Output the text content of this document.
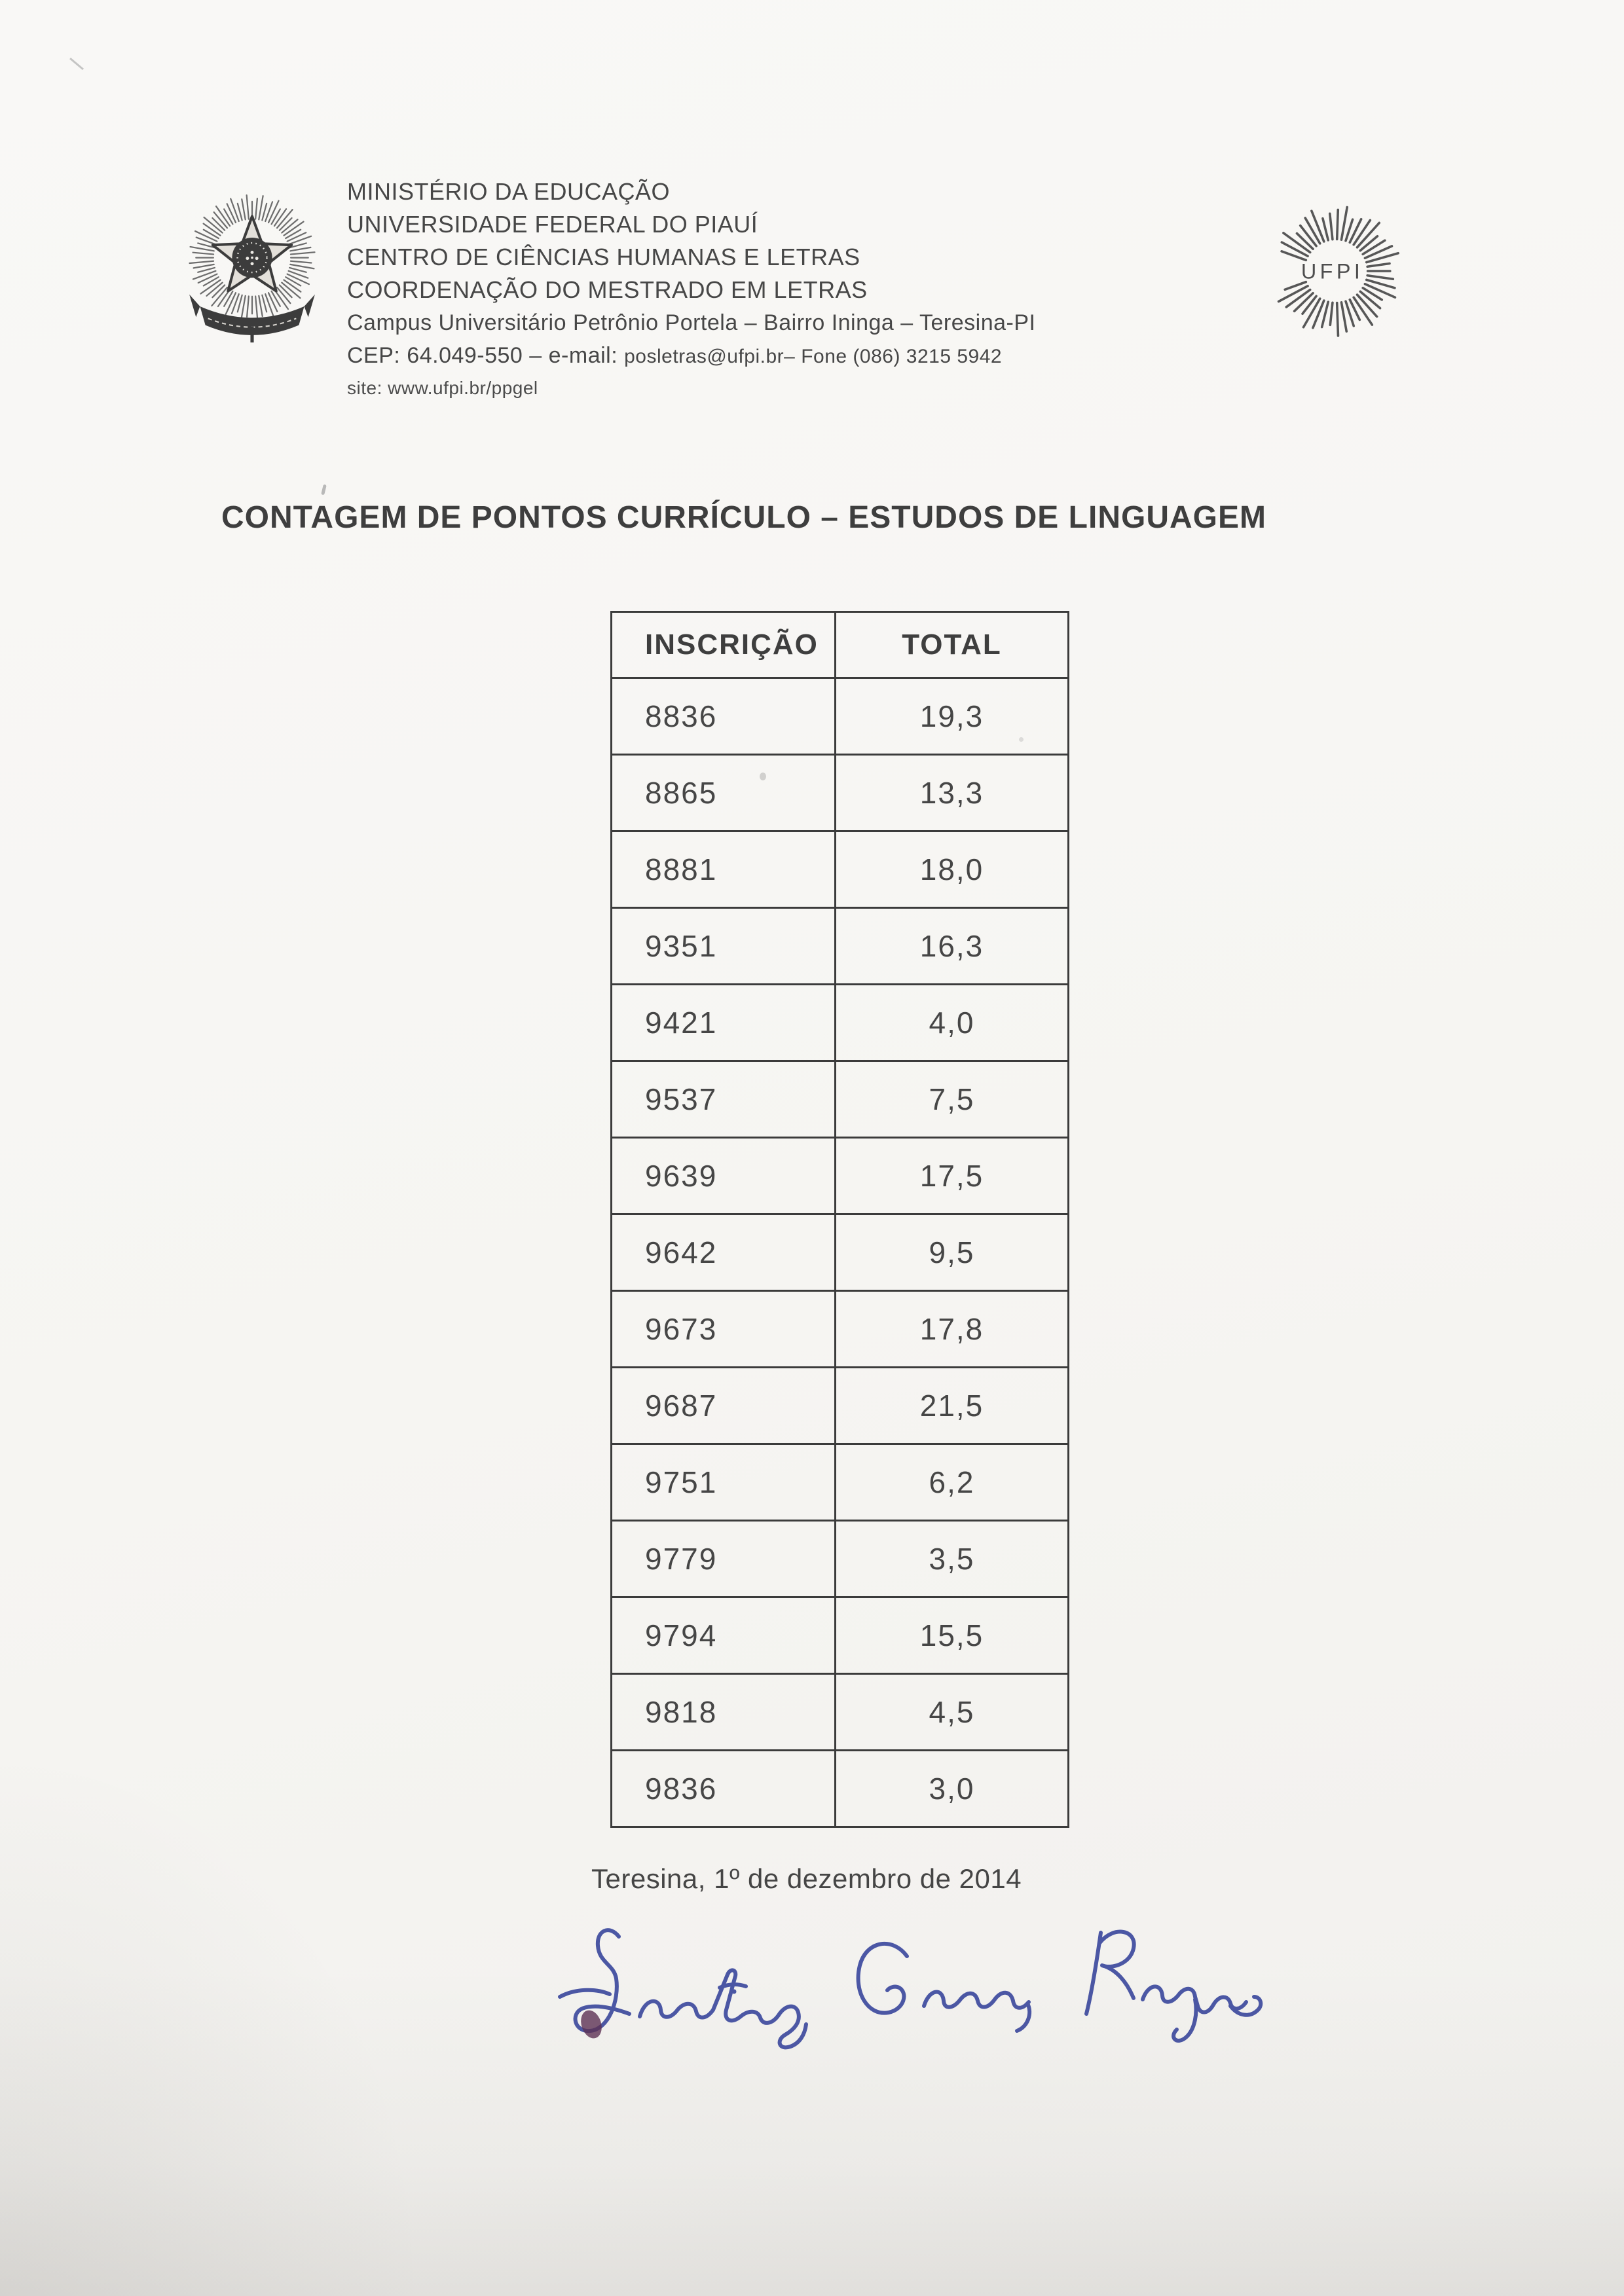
MINISTÉRIO DA EDUCAÇÃO
UNIVERSIDADE FEDERAL DO PIAUÍ
CENTRO DE CIÊNCIAS HUMANAS E LETRAS
COORDENAÇÃO DO MESTRADO EM LETRAS
Campus Universitário Petrônio Portela – Bairro Ininga – Teresina-PI
CEP: 64.049-550 – e-mail: posletras@ufpi.br– Fone (086) 3215 5942
site: www.ufpi.br/ppgel
UFPI
CONTAGEM DE PONTOS CURRÍCULO – ESTUDOS DE LINGUAGEM
INSCRIÇÃO	TOTAL
8836	19,3
8865	13,3
8881	18,0
9351	16,3
9421	4,0
9537	7,5
9639	17,5
9642	9,5
9673	17,8
9687	21,5
9751	6,2
9779	3,5
9794	15,5
9818	4,5
9836	3,0
Teresina, 1º de dezembro de 2014
